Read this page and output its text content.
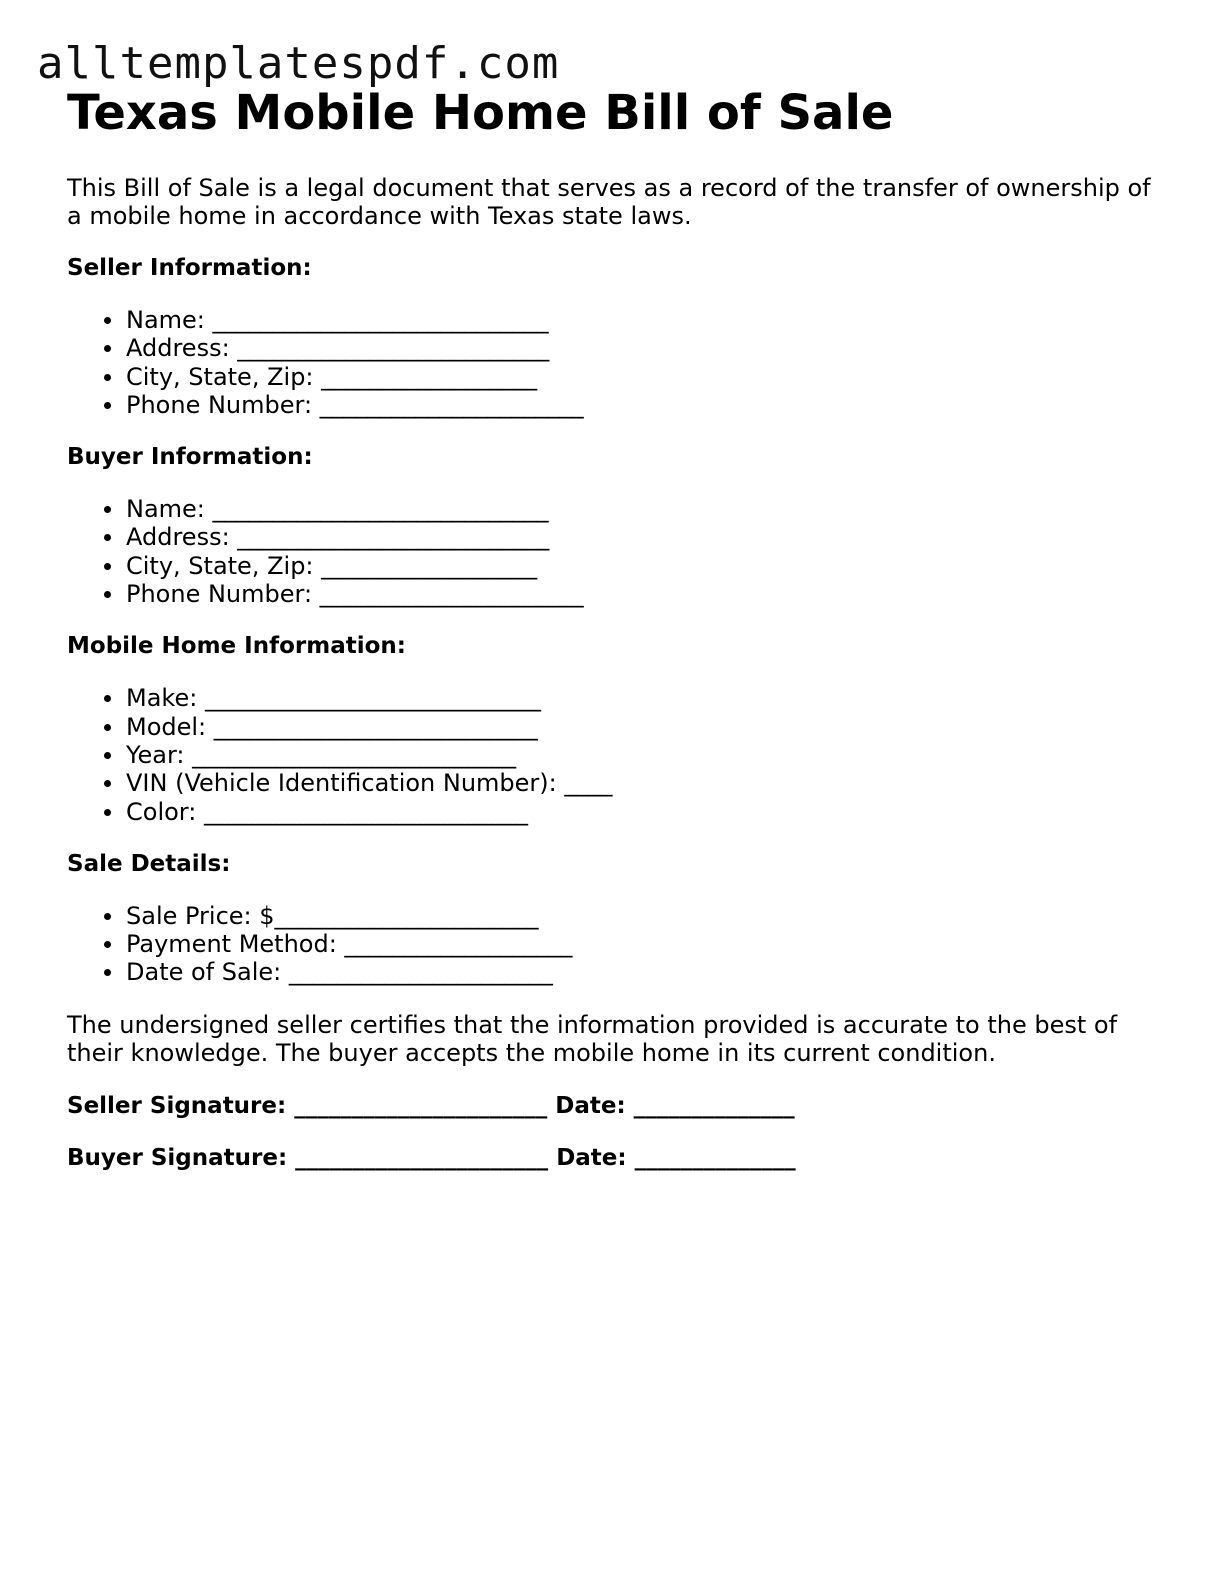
alltemplatespdf.com
Texas Mobile Home Bill of Sale

This Bill of Sale is a legal document that serves as a record of the transfer of ownership of a mobile home in accordance with Texas state laws.

Seller Information:
Name: ____________________________
Address: __________________________
City, State, Zip: __________________
Phone Number: ______________________
Buyer Information:
Name: ____________________________
Address: __________________________
City, State, Zip: __________________
Phone Number: ______________________
Mobile Home Information:
Make: ____________________________
Model: ___________________________
Year: ___________________________
VIN (Vehicle Identification Number): ____
Color: ___________________________
Sale Details:
Sale Price: $______________________
Payment Method: ___________________
Date of Sale: ______________________

The undersigned seller certifies that the information provided is accurate to the best of their knowledge. The buyer accepts the mobile home in its current condition.

Seller Signature: ______________________ Date: ______________
Buyer Signature: ______________________ Date: ______________
